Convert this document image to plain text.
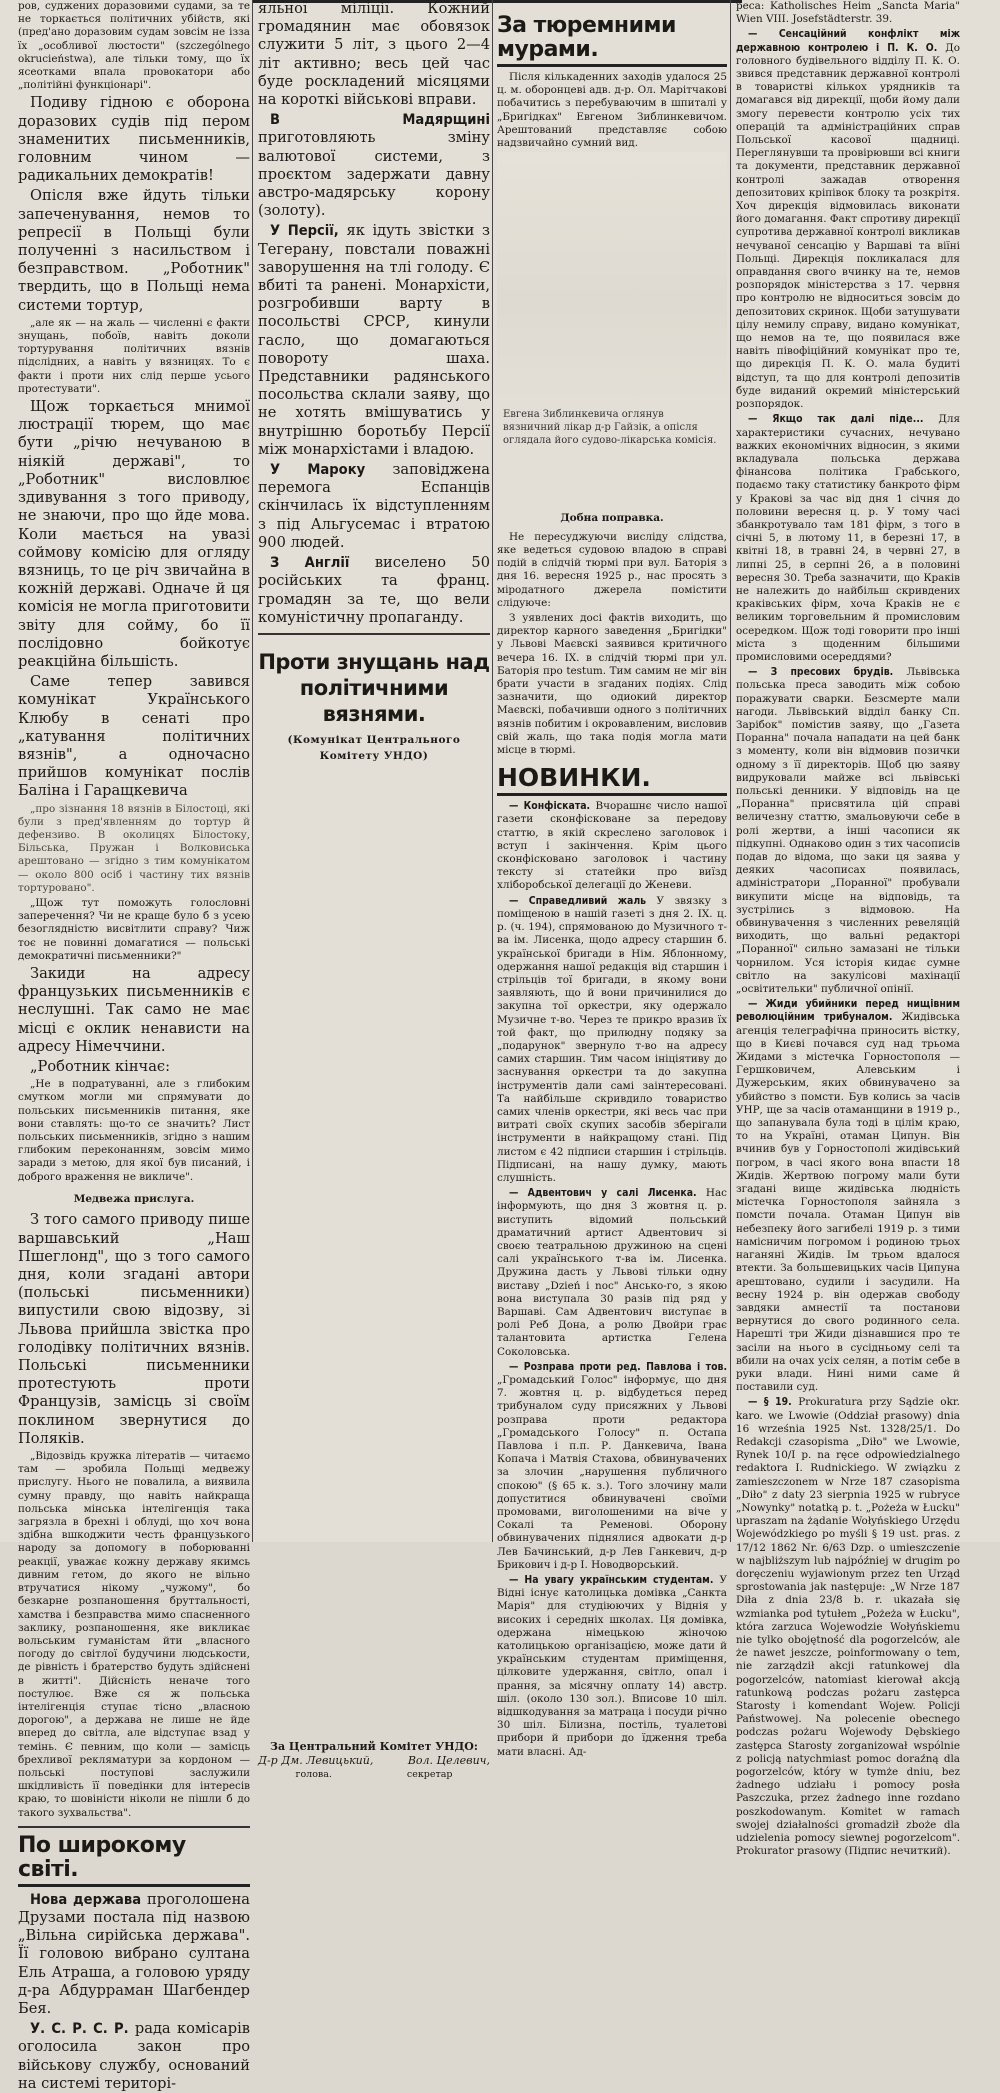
ров, суджених доразовими судами, за те не торкається політичних убійств, які (пред'ано доразовим судам зовсім не ізза їх „особливої люстости" (szczególnego okrucieństwa), але тільки тому, що їх ясеотками впала провокатори або „політійні функціонарі".

Подиву гідною є оборона доразових судів під пером знаменитих письменників, головним чином — радикальних демократів!

Опісля вже йдуть тільки запеченування, немов то репресії в Польщі були полученні з насильством і безправством. „Роботник" твердить, що в Польщі нема системи тортур,

„але як — на жаль — численні є факти знущань, побоїв, навіть доколи тортурування політичних вязнів підслідних, а навіть у вязницях. То є факти і проти них слід перше усього протестувати".

Щож торкається мнимої люстрації тюрем, що має бути „річю нечуваною в ніякій державі", то „Роботник" висловлює здивування з того приводу, не знаючи, про що йде мова. Коли мається на увазі соймову комісію для огляду вязниць, то це річ звичайна в кожній державі. Одначе й ця комісія не могла приготовити звіту для сойму, бо її послідовно бойкотує реакційна більшість.

Саме тепер завився комунікат Українського Клюбу в сенаті про „катування політичних вязнів", а одночасно прийшов комунікат послів Баліна і Гаращкевича

„про зізнання 18 вязнів в Білостоці, які були з пред'явленням до тортур й дефензиво. В околицях Білостоку, Більська, Пружан і Волковиська арештовано — згідно з тим комунікатом — около 800 осіб і частину тих вязнів тортуровано".

„Щож тут поможуть голословні заперечення? Чи не краще було б з усею безоглядністю висвітлити справу? Чиж тоє не повинні домагатися — польські демократичні письменники?"

Закиди на адресу французьких письменників є неслушні. Так само не має місці є оклик ненависти на адресу Німеччини.

„Роботник кінчає:

„Не в подратуванні, але з глибоким смутком могли ми спрямувати до польських письменників питання, яке вони ставлять: що-то се значить? Лист польських письменників, згідно з нашим глибоким переконанням, зовсім мимо заради з метою, для якої був писаний, і доброго враження не викличе".

Медвежа прислуга.

З того самого приводу пише варшавський „Наш Пшеглонд", що з того самого дня, коли згадані автори (польські письменники) випустили свою відозву, зі Львова прийшла звістка про голодівку політичних вязнів. Польські письменники протестують проти Французів, замісць зі своїм поклином звернутися до Поляків.

„Відозвідь кружка літератів — читаємо там — зробила Польщі медвежу прислугу. Нього не повалила, а виявила сумну правду, що навіть найкраща польська мінська інтелігенція така загрязла в брехні і облуді, що хоч вона здібна вшкоджити честь французького народу за допомогу в поборюванні реакції, уважає кожну державу якимсь дивним гетом, до якого не вільно втручатися нікому „чужому", бо безкарне розпаношення бруттальності, хамства і безправства мимо спасненного заклику, розпаношення, яке викликає вольським гуманістам йти „власного погоду до світлої будучини людськости, де рівність і братерство будуть здійснені в житті". Дійсність неначе того постулює. Вже ся ж польська інтелігенція ступає тісно „власною дорогою", а держава не лише не йде вперед до світла, але відступає взад у темінь. Є певним, що коли — замісць брехливої рекляматури за кордоном — польські поступові заслужили шкідливість її поведінки для інтересів краю, то шовіністи ніколи не пішли б до такого зухвальства".

По широкому світі.

Нова держава проголошена Друзами постала під назвою „Вільна сирійська держава". Її головою вибрано султана Ель Атраша, а головою уряду д-ра Абдурраман Шагбендер Бея.

У. С. Р. С. Р. рада комісарів оголосила закон про військову службу, оснований на системі територі-

яльної міліції. Кожний громадянин має обовязок служити 5 літ, з цього 2—4 літ активно; весь цей час буде роскладений місяцями на короткі військові вправи.

В Мадярщині приготовляють зміну валютової системи, з проєктом задержати давну австро-мадярську корону (золоту).

У Персії, як ідуть звістки з Тегерану, повстали поважні заворушення на тлі голоду. Є вбиті та ранені. Монархісти, розгробивши варту в посольстві СРСР, кинули гасло, що домагаються повороту шаха. Представники радянського посольства склали заяву, що не хотять вмішуватись у внутрішню боротьбу Персії між монархістами і владою.

У Мароку заповіджена перемога Еспанців скінчилась їх відступленням з під Альгусемас і втратою 900 людей.

З Англії виселено 50 російських та франц. громадян за те, що вели комуністичну пропаганду.

Проти знущань над політичними вязнями.
(Комунікат Центрального Комітету УНДО)
За Центральний Комітет УНДО:
Д-р Дм. Левицький,	Вол. Целевич,
голова.	секретар
За тюремними мурами.

Після кількаденних заходів удалося 25 ц. м. оборонцеві адв. д-р. Ол. Марітчакові побачитись з перебуваючим в шпиталі у „Бригідках" Евгеном Зиблинкевичом. Арештований представляє собою надзвичайно сумний вид.

Евгена Зиблинкевича оглянув вязничний лікар д-р Гайзік, а опісля оглядала його судово-лікарська комісія.
Добна поправка.

Не пересуджуючи висліду слідства, яке ведеться судовою владою в справі подій в слідчій тюрмі при вул. Баторія з дня 16. вересня 1925 р., нас просять з міродатного джерела помістити слідуюче:

З уявлених досі фактів виходить, що директор карного заведення „Бригідки" у Львові Маєвскі заявився критичного вечера 16. IX. в слідчій тюрмі при ул. Баторія про testum. Тим самим не міг він брати участи в згаданих подіях. Слід зазначити, що одиокий директор Маєвскі, побачивши одного з політичних вязнів побитим і окровавленим, висловив свій жаль, що така подія могла мати місце в тюрмі.

НОВИНКИ.

— Конфіската. Вчорашнє число нашої газети сконфісковане за передову статтю, в якій скреслено заголовок і вступ і закінчення. Крім цього сконфісковано заголовок і частину тексту зі статейки про виїзд хліборобської делегації до Женеви.

— Справедливий жаль У звязку з поміщеною в нашій газеті з дня 2. IX. ц. р. (ч. 194), спрямованою до Музичного т-ва ім. Лисенка, щодо адресу старшин б. української бригади в Нім. Яблонному, одержання нашої редакція від старшин і стрільців тої бригади, в якому вони заявляють, що й вони причинилися до закупна тої оркестри, яку одержало Музичне т-во. Через те прикро вразив їх той факт, що прилюдну подяку за „подарунок" звернуло т-во на адресу самих старшин. Тим часом ініціятиву до заснування оркестри та до закупна інструментів дали самі заінтересовані. Та найбільше скривдило товариство самих членів оркестри, які весь час при витраті своїх скупих засобів зберігали інструменти в найкращому стані. Під листом є 42 підписи старшин і стрільців. Підписані, на нашу думку, мають слушність.

— Адвентович у салі Лисенка. Нас інформують, що дня 3 жовтня ц. р. виступить відомий польський драматичний артист Адвентович зі своєю театральною дружиною на сцені салі українського т-ва ім. Лисенка. Дружина дасть у Львові тільки одну виставу „Dzień i noc" Ансько-го, з якою вона виступала 30 разів під ряд у Варшаві. Сам Адвентович виступає в ролі Реб Дона, а ролю Двойри грає талантовита артистка Гелена Соколовська.

— Розправа проти ред. Павлова і тов. „Громадський Голос" інформує, що дня 7. жовтня ц. р. відбудеться перед трибуналом суду присяжних у Львові розправа проти редактора „Громадського Голосу" п. Остапа Павлова і п.п. Р. Данкевича, Івана Копача і Матвія Стахова, обвинувачених за злочин „нарушення публичного спокою" (§ 65 к. з.). Того злочину мали допуститися обвинувачені своїми промовами, виголошеними на віче у Сокалі та Ременові. Оборону обвинувачених піднялися адвокати д-р Лев Бачинський, д-р Лев Ганкевич, д-р Брикович і д-р І. Новодворський.

— На увагу українським студентам. У Відні існує католицька домівка „Санкта Марія" для студіюючих у Віднія у високих і середніх школах. Ця домівка, одержана німецькою жіночою католицькою організацією, може дати й українським студентам приміщення, цілковите удержання, світло, опал і прання, за місячну оплату 14) австр. шіл. (около 130 зол.). Вписове 10 шіл. відшкодування за матраца і посуди річно 30 шіл. Білизна, постіль, туалетові прибори й прибори до їдження треба мати власні. Ад-

реса: Katholisches Heim „Sancta Maria" Wien VIII. Josefstädterstr. 39.

— Сенсаційний конфлікт між державною контролею і П. К. О. До головного будівельного відділу П. К. О. звився представник державної контролі в товаристві кількох урядників та домагався від дирекції, щоби йому дали змогу перевести контролю усіх тих операцій та адміністраційних справ Польської касової щадниці. Переглянувши та провірювши всі книги та документи, представник державної контролі зажадав отворення депозитових кріпівок блоку та розкрітя. Хоч дирекція відмовилась виконати його домагання. Факт спротиву дирекції супротива державної контролі викликав нечуваної сенсацію у Варшаві та віїні Польщі. Дирекція покликалася для оправдання свого вчинку на те, немов розпорядок міністерства з 17. червня про контролю не відноситься зовсім до депозитових скринок. Щоби затушувати цілу немилу справу, видано комунікат, що немов на те, що появилася вже навіть півофіційний комунікат про те, що дирекція П. К. О. мала будиті відступ, та що для контролі депозитів буде виданий окремий міністерський розпорядок.

— Якщо так далі піде... Для характеристики сучасних, нечувано важких економічних відносин, з якими вкладувала польська держава фінансова політика Грабського, подаємо таку статистику банкрото фірм у Кракові за час від дня 1 січня до половини вересня ц. р. У тому часі збанкротувало там 181 фірм, з того в січні 5, в лютому 11, в березні 17, в квітні 18, в травні 24, в червні 27, в липні 25, в серпні 26, а в половині вересня 30. Треба зазначити, що Краків не належить до найбільш скривдених краківських фірм, хоча Краків не є великим торговельним й промисловим осередком. Щож тоді говорити про інші міста з щоденним більшими промисловими осереддями?

— З пресових брудів. Львівська польська преса заводить між собою поражувати сварки. Безсмерте мали нагоди. Львівський відділ банку Сп. Зарібок" помістив заяву, що „Газета Поранна" почала нападати на цей банк з моменту, коли він відмовив позички одному з її директорів. Щоб цю заяву видруковали майже всі львівські польські денники. У відповідь на це „Поранна" присвятила цій справі величезну статтю, змальовуючи себе в ролі жертви, а інші часописи як підкупні. Однаково один з тих часописів подав до відома, що заки ця заява у деяких часописах появилась, адміністратори „Поранної" пробували викупити місце на відповідь, та зустрілись з відмовою. На обвинувачення з численних ревеляцій виходить, що вальні редакторі „Поранної" сильно замазані не тільки чорнилом. Уся історія кидає сумне світло на закулісові махінації „освітительки" публичної опінії.

— Жиди убийники перед нищівним революційним трибуналом. Жидівська агенція телеграфічна приносить вістку, що в Києві почався суд над трьома Жидами з містечка Горностополя — Гершковичем, Алевським і Дужерським, яких обвинувачено за убийство з помсти. Був колись за часів УНР, ще за часів отаманщини в 1919 р., що запанувала була тоді в цілім краю, то на Україні, отаман Ципун. Він вчинив був у Горностополі жидівський погром, в часі якого вона впасти 18 Жидів. Жертвою погрому мали бути згадані вище жидівська людність містечка Горностополя зайняла з помсти почала. Отаман Ципун вів небезпеку його загибелі 1919 р. з тими намісничим погромом і родиною трьох наганяні Жидів. Ім трьом вдалося втекти. За большевицьких часів Ципуна арештовано, судили і засудили. На весну 1924 р. він одержав свободу завдяки амнестії та постанови вернутися до свого родинного села. Нарешті три Жиди дізнавшися про те засіли на нього в сусідньому селі та вбили на очах усіх селян, а потім себе в руки влади. Нині ними саме й поставили суд.

— § 19. Prokuratura przy Sądzie okr. karo. we Lwowie (Oddział prasowy) dnia 16 września 1925 Nst. 1328/25/1. Do Redakcji czasopisma „Diło" we Lwowie, Rynek 10/I p. na ręce odpowiedzialnego redaktora I. Rudnickiego. W związku z zamieszczonem w Nrze 187 czasopisma „Diło" z daty 23 sierpnia 1925 w rubryce „Nowynky" notatką p. t. „Pożeża w Łucku" upraszam na żądanie Wołyńskiego Urzędu Wojewódzkiego po myśli § 19 ust. pras. z 17/12 1862 Nr. 6/63 Dzp. o umieszczenie w najbliższym lub najpóźniej w drugim po doręczeniu wyjawionym przez ten Urząd sprostowania jak następuje: „W Nrze 187 Diła z dnia 23/8 b. r. ukazała się wzmianka pod tytułem „Pożeża w Łucku", która zarzuca Wojewodzie Wołyńskiemu nie tylko obojętność dla pogorzelców, ale że nawet jeszcze, poinformowany o tem, nie zarządził akcji ratunkowej dla pogorzelców, natomiast kierował akcją ratunkową podczas pożaru zastępca Starosty i komendant Wojew. Policji Państwowej. Na polecenie obecnego podczas pożaru Wojewody Dębskiego zastępca Starosty zorganizował wspólnie z policją natychmiast pomoc doraźną dla pogorzelców, który w tymże dniu, bez żadnego udziału i pomocy posła Paszczuka, przez żadnego inne rozdano poszkodowanym. Komitet w ramach swojej działalności gromadził zboże dla udzielenia pomocy siewnej pogorzelcom". Prokurator prasowy (Підпис нечиткий).
